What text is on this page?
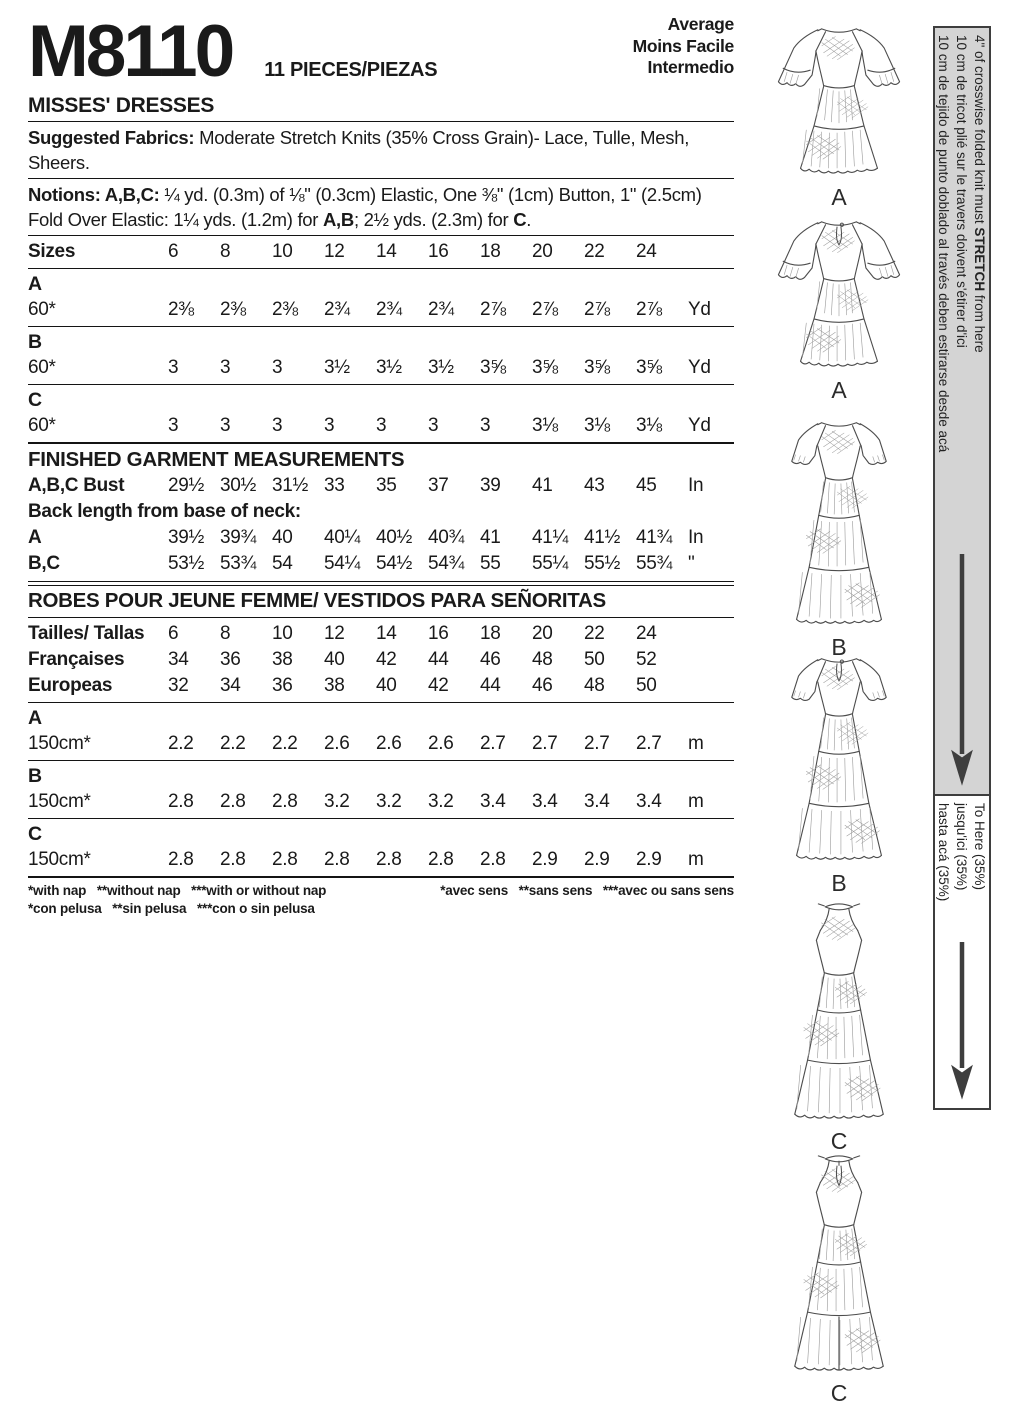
M8110 11 PIECES/PIEZAS
Average
Moins Facile
Intermedio
MISSES' DRESSES
Suggested Fabrics: Moderate Stretch Knits (35% Cross Grain)- Lace, Tulle, Mesh, Sheers.
Notions: A,B,C: ¼ yd. (0.3m) of ⅛" (0.3cm) Elastic, One ⅜" (1cm) Button, 1" (2.5cm) Fold Over Elastic: 1¼ yds. (1.2m) for A,B; 2½ yds. (2.3m) for C.
Sizes	6	8	10	12	14	16	18	20	22	24
A
60*	2⅜	2⅜	2⅜	2¾	2¾	2¾	2⅞	2⅞	2⅞	2⅞	Yd
B
60*	3	3	3	3½	3½	3½	3⅝	3⅝	3⅝	3⅝	Yd
C
60*	3	3	3	3	3	3	3	3⅛	3⅛	3⅛	Yd
FINISHED GARMENT MEASUREMENTS
A,B,C Bust	29½ 30½ 31½ 33	35	37	39	41	43	45	In
Back length from base of neck:
A	39½ 39¾ 40	40¼ 40½ 40¾ 41	41¼ 41½ 41¾ In
B,C	53½ 53¾ 54	54¼ 54½ 54¾ 55	55¼ 55½ 55¾ "
ROBES POUR JEUNE FEMME/ VESTIDOS PARA SEÑORITAS
Tailles/ Tallas	6	8	10	12	14	16	18	20	22	24
Françaises	34	36	38	40	42	44	46	48	50	52
Europeas	32	34	36	38	40	42	44	46	48	50
A
150cm*	2.2	2.2	2.2	2.6	2.6	2.6	2.7	2.7	2.7	2.7	m
B
150cm*	2.8	2.8	2.8	3.2	3.2	3.2	3.4	3.4	3.4	3.4	m
C
150cm*	2.8	2.8	2.8	2.8	2.8	2.8	2.8	2.9	2.9	2.9	m
*with nap   **without nap   ***with or without nap	*avec sens   **sans sens   ***avec ou sans sens
*con pelusa   **sin pelusa   ***con o sin pelusa
A
A
B
B
C
C
4" of crosswise folded knit must STRETCH from here
10 cm de tricot plié sur le travers doivent s'étirer d'ici
10 cm de tejido de punto doblado al través deben estirarse desde acá
To Here (35%)
jusqu'ici (35%)
hasta acá (35%)
